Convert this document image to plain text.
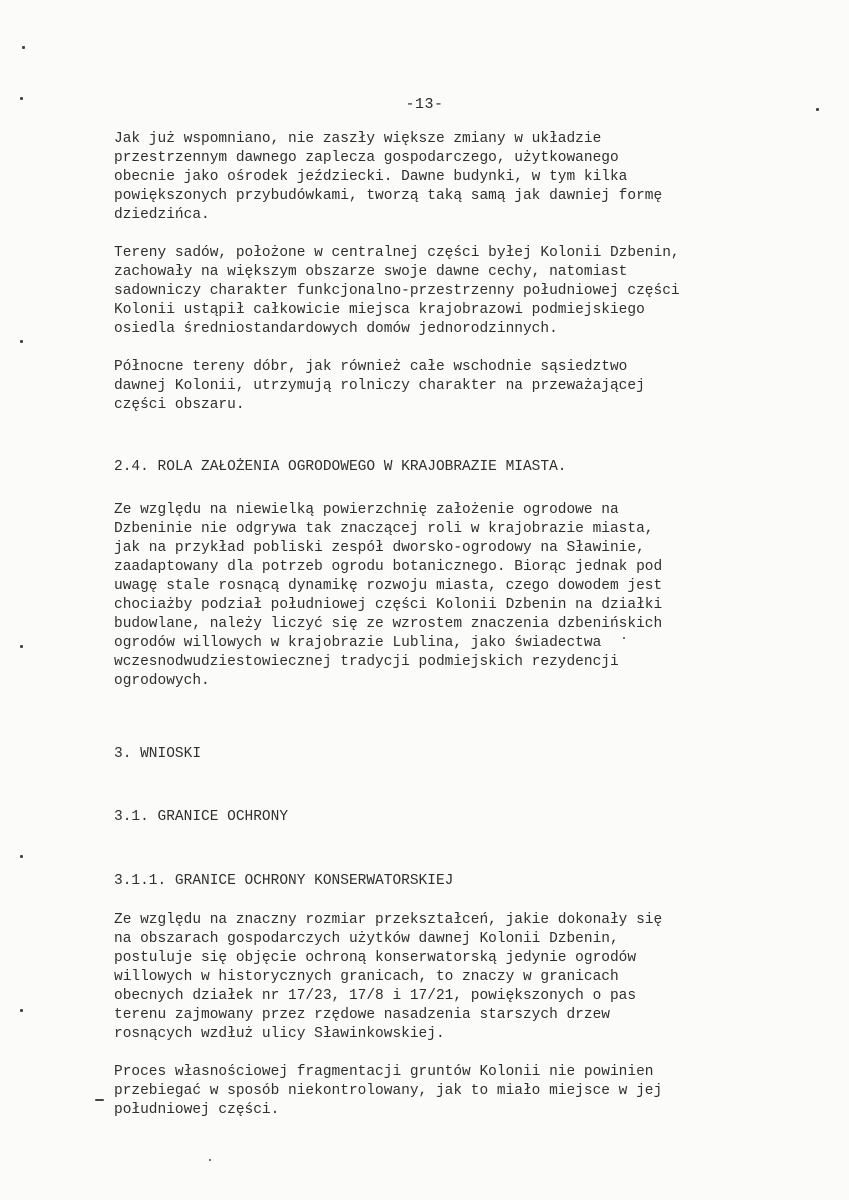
-13-
Jak już wspomniano, nie zaszły większe zmiany w układzie
przestrzennym dawnego zaplecza gospodarczego, użytkowanego
obecnie jako ośrodek jeździecki. Dawne budynki, w tym kilka
powiększonych przybudówkami, tworzą taką samą jak dawniej formę
dziedzińca.
Tereny sadów, położone w centralnej części byłej Kolonii Dzbenin,
zachowały na większym obszarze swoje dawne cechy, natomiast
sadowniczy charakter funkcjonalno-przestrzenny południowej części
Kolonii ustąpił całkowicie miejsca krajobrazowi podmiejskiego
osiedla średniostandardowych domów jednorodzinnych.
Północne tereny dóbr, jak również całe wschodnie sąsiedztwo
dawnej Kolonii, utrzymują rolniczy charakter na przeważającej
części obszaru.
2.4. ROLA ZAŁOŻENIA OGRODOWEGO W KRAJOBRAZIE MIASTA.
Ze względu na niewielką powierzchnię założenie ogrodowe na
Dzbeninie nie odgrywa tak znaczącej roli w krajobrazie miasta,
jak na przykład pobliski zespół dworsko-ogrodowy na Sławinie,
zaadaptowany dla potrzeb ogrodu botanicznego. Biorąc jednak pod
uwagę stale rosnącą dynamikę rozwoju miasta, czego dowodem jest
chociażby podział południowej części Kolonii Dzbenin na działki
budowlane, należy liczyć się ze wzrostem znaczenia dzbenińskich
ogrodów willowych w krajobrazie Lublina, jako świadectwa
wczesnodwudziestowiecznej tradycji podmiejskich rezydencji
ogrodowych.
3. WNIOSKI
3.1. GRANICE OCHRONY
3.1.1. GRANICE OCHRONY KONSERWATORSKIEJ
Ze względu na znaczny rozmiar przekształceń, jakie dokonały się
na obszarach gospodarczych użytków dawnej Kolonii Dzbenin,
postuluje się objęcie ochroną konserwatorską jedynie ogrodów
willowych w historycznych granicach, to znaczy w granicach
obecnych działek nr 17/23, 17/8 i 17/21, powiększonych o pas
terenu zajmowany przez rzędowe nasadzenia starszych drzew
rosnących wzdłuż ulicy Sławinkowskiej.
Proces własnościowej fragmentacji gruntów Kolonii nie powinien
przebiegać w sposób niekontrolowany, jak to miało miejsce w jej
południowej części.
